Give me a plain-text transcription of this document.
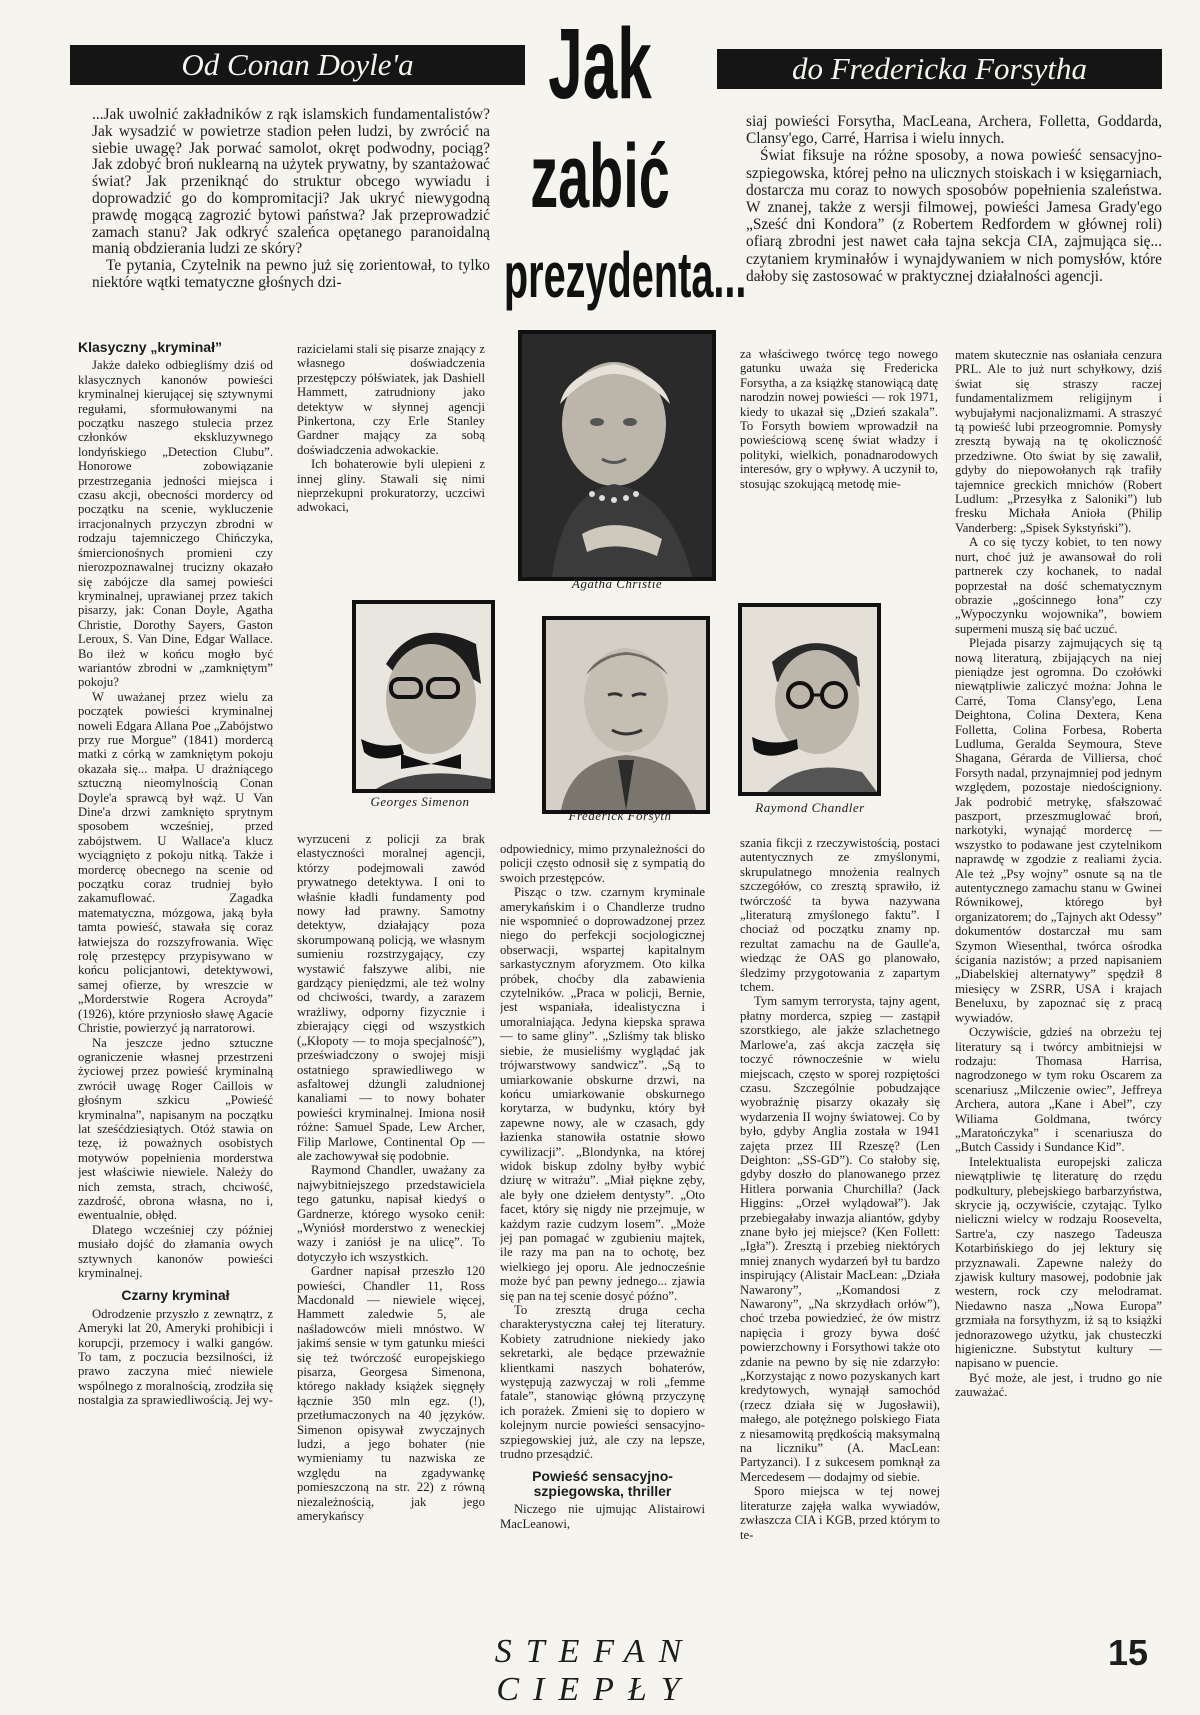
Od Conan Doyle'a	do Fredericka Forsytha
Jak
zabić
prezydenta...

...Jak uwolnić zakładników z rąk islamskich fundamentalistów? Jak wysadzić w powietrze stadion pełen ludzi, by zwrócić na siebie uwagę? Jak porwać samolot, okręt podwodny, pociąg? Jak zdobyć broń nuklearną na użytek prywatny, by szantażować świat? Jak przeniknąć do struktur obcego wywiadu i doprowadzić go do kompromitacji? Jak ukryć niewygodną prawdę mogącą zagrozić bytowi państwa? Jak przeprowadzić zamach stanu? Jak odkryć szaleńca opętanego paranoidalną manią obdzierania ludzi ze skóry?

Te pytania, Czytelnik na pewno już się zorientował, to tylko niektóre wątki tematyczne głośnych dzi-

siaj powieści Forsytha, MacLeana, Archera, Folletta, Goddarda, Clansy'ego, Carré, Harrisa i wielu innych.

Świat fiksuje na różne sposoby, a nowa powieść sensacyjno-szpiegowska, której pełno na ulicznych stoiskach i w księgarniach, dostarcza mu coraz to nowych sposobów popełnienia szaleństwa. W znanej, także z wersji filmowej, powieści Jamesa Grady'ego „Sześć dni Kondora” (z Robertem Redfordem w głównej roli) ofiarą zbrodni jest nawet cała tajna sekcja CIA, zajmująca się... czytaniem kryminałów i wynajdywaniem w nich pomysłów, które dałoby się zastosować w praktycznej działalności agencji.

Klasyczny „kryminał”

Jakże daleko odbiegliśmy dziś od klasycznych kanonów powieści kryminalnej kierującej się sztywnymi regułami, sformułowanymi na początku naszego stulecia przez członków ekskluzywnego londyńskiego „Detection Clubu”. Honorowe zobowiązanie przestrzegania jedności miejsca i czasu akcji, obecności mordercy od początku na scenie, wykluczenie irracjonalnych przyczyn zbrodni w rodzaju tajemniczego Chińczyka, śmiercionośnych promieni czy nierozpoznawalnej trucizny okazało się zabójcze dla samej powieści kryminalnej, uprawianej przez takich pisarzy, jak: Conan Doyle, Agatha Christie, Dorothy Sayers, Gaston Leroux, S. Van Dine, Edgar Wallace. Bo ileż w końcu mogło być wariantów zbrodni w „zamkniętym” pokoju?

W uważanej przez wielu za początek powieści kryminalnej noweli Edgara Allana Poe „Zabójstwo przy rue Morgue” (1841) mordercą matki z córką w zamkniętym pokoju okazała się... małpa. U drażniącego sztuczną nieomylnością Conan Doyle'a sprawcą był wąż. U Van Dine'a drzwi zamknięto sprytnym sposobem wcześniej, przed zabójstwem. U Wallace'a klucz wyciągnięto z pokoju nitką. Także i mordercę obecnego na scenie od początku coraz trudniej było zakamuflować. Zagadka matematyczna, mózgowa, jaką była tamta powieść, stawała się coraz łatwiejsza do rozszyfrowania. Więc rolę przestępcy przypisywano w końcu policjantowi, detektywowi, samej ofierze, by wreszcie w „Morderstwie Rogera Acroyda” (1926), które przyniosło sławę Agacie Christie, powierzyć ją narratorowi.

Na jeszcze jedno sztuczne ograniczenie własnej przestrzeni życiowej przez powieść kryminalną zwrócił uwagę Roger Caillois w głośnym szkicu „Powieść kryminalna”, napisanym na początku lat sześćdziesiątych. Otóż stawia on tezę, iż poważnych osobistych motywów popełnienia morderstwa jest właściwie niewiele. Należy do nich zemsta, strach, chciwość, zazdrość, obrona własna, no i, ewentualnie, obłęd.

Dlatego wcześniej czy później musiało dojść do złamania owych sztywnych kanonów powieści kryminalnej.

Czarny kryminał

Odrodzenie przyszło z zewnątrz, z Ameryki lat 20, Ameryki prohibicji i korupcji, przemocy i walki gangów. To tam, z poczucia bezsilności, iż prawo zaczyna mieć niewiele wspólnego z moralnością, zrodziła się nostalgia za sprawiedliwością. Jej wy-

razicielami stali się pisarze znający z własnego doświadczenia przestępczy półświatek, jak Dashiell Hammett, zatrudniony jako detektyw w słynnej agencji Pinkertona, czy Erle Stanley Gardner mający za sobą doświadczenia adwokackie.

Ich bohaterowie byli ulepieni z innej gliny. Stawali się nimi nieprzekupni prokuratorzy, uczciwi adwokaci,

wyrzuceni z policji za brak elastyczności moralnej agencji, którzy podejmowali zawód prywatnego detektywa. I oni to właśnie kładli fundamenty pod nowy ład prawny. Samotny detektyw, działający poza skorumpowaną policją, we własnym sumieniu rozstrzygający, czy wystawić fałszywe alibi, nie gardzący pieniędzmi, ale też wolny od chciwości, twardy, a zarazem wrażliwy, odporny fizycznie i zbierający cięgi od wszystkich („Kłopoty — to moja specjalność”), przeświadczony o swojej misji ostatniego sprawiedliwego w asfaltowej dżungli zaludnionej kanaliami — to nowy bohater powieści kryminalnej. Imiona nosił różne: Samuel Spade, Lew Archer, Filip Marlowe, Continental Op — ale zachowywał się podobnie.

Raymond Chandler, uważany za najwybitniejszego przedstawiciela tego gatunku, napisał kiedyś o Gardnerze, którego wysoko cenił: „Wyniósł morderstwo z weneckiej wazy i zaniósł je na ulicę”. To dotyczyło ich wszystkich.

Gardner napisał przeszło 120 powieści, Chandler 11, Ross Macdonald — niewiele więcej, Hammett zaledwie 5, ale naśladowców mieli mnóstwo. W jakimś sensie w tym gatunku mieści się też twórczość europejskiego pisarza, Georgesa Simenona, którego nakłady książek sięgnęły łącznie 350 mln egz. (!), przetłumaczonych na 40 języków. Simenon opisywał zwyczajnych ludzi, a jego bohater (nie wymieniamy tu nazwiska ze względu na zgadywankę pomieszczoną na str. 22) z równą niezależnością, jak jego amerykańscy

odpowiednicy, mimo przynależności do policji często odnosił się z sympatią do swoich przestępców.

Pisząc o tzw. czarnym kryminale amerykańskim i o Chandlerze trudno nie wspomnieć o doprowadzonej przez niego do perfekcji socjologicznej obserwacji, wspartej kapitalnym sarkastycznym aforyzmem. Oto kilka próbek, choćby dla zabawienia czytelników. „Praca w policji, Bernie, jest wspaniała, idealistyczna i umoralniająca. Jedyna kiepska sprawa — to same gliny”. „Szliśmy tak blisko siebie, że musieliśmy wyglądać jak trójwarstwowy sandwicz”. „Są to umiarkowanie obskurne drzwi, na końcu umiarkowanie obskurnego korytarza, w budynku, który był zapewne nowy, ale w czasach, gdy łazienka stanowiła ostatnie słowo cywilizacji”. „Blondynka, na której widok biskup zdolny byłby wybić dziurę w witrażu”. „Miał piękne zęby, ale były one dziełem dentysty”. „Oto facet, który się nigdy nie przejmuje, w każdym razie cudzym losem”. „Może jej pan pomagać w zgubieniu majtek, ile razy ma pan na to ochotę, bez wielkiego jej oporu. Ale jednocześnie może być pan pewny jednego... zjawia się pan na tej scenie dosyć późno”.

To zresztą druga cecha charakterystyczna całej tej literatury. Kobiety zatrudnione niekiedy jako sekretarki, ale będące przeważnie klientkami naszych bohaterów, występują zazwyczaj w roli „femme fatale”, stanowiąc główną przyczynę ich porażek. Zmieni się to dopiero w kolejnym nurcie powieści sensacyjno-szpiegowskiej już, ale czy na lepsze, trudno przesądzić.

Powieść sensacyjno-szpiegowska, thriller

Niczego nie ujmując Alistairowi MacLeanowi,

za właściwego twórcę tego nowego gatunku uważa się Fredericka Forsytha, a za książkę stanowiącą datę narodzin nowej powieści — rok 1971, kiedy to ukazał się „Dzień szakala”. To Forsyth bowiem wprowadził na powieściową scenę świat władzy i polityki, wielkich, ponadnarodowych interesów, gry o wpływy. A uczynił to, stosując szokującą metodę mie-

szania fikcji z rzeczywistością, postaci autentycznych ze zmyślonymi, skrupulatnego mnożenia realnych szczegółów, co zresztą sprawiło, iż twórczość ta bywa nazywana „literaturą zmyślonego faktu”. I chociaż od początku znamy np. rezultat zamachu na de Gaulle'a, wiedząc że OAS go planowało, śledzimy przygotowania z zapartym tchem.

Tym samym terrorysta, tajny agent, płatny morderca, szpieg — zastąpił szorstkiego, ale jakże szlachetnego Marlowe'a, zaś akcja zaczęła się toczyć równocześnie w wielu miejscach, często w sporej rozpiętości czasu. Szczególnie pobudzające wyobraźnię pisarzy okazały się wydarzenia II wojny światowej. Co by było, gdyby Anglia została w 1941 zajęta przez III Rzeszę? (Len Deighton: „SS-GD”). Co stałoby się, gdyby doszło do planowanego przez Hitlera porwania Churchilla? (Jack Higgins: „Orzeł wylądował”). Jak przebiegałaby inwazja aliantów, gdyby znane było jej miejsce? (Ken Follett: „Igła”). Zresztą i przebieg niektórych mniej znanych wydarzeń był tu bardzo inspirujący (Alistair MacLean: „Działa Nawarony”, „Komandosi z Nawarony”, „Na skrzydłach orłów”), choć trzeba powiedzieć, że ów mistrz napięcia i grozy bywa dość powierzchowny i Forsythowi także oto zdanie na pewno by się nie zdarzyło: „Korzystając z nowo pozyskanych kart kredytowych, wynajął samochód (rzecz działa się w Jugosławii), małego, ale potężnego polskiego Fiata z niesamowitą prędkością maksymalną na liczniku” (A. MacLean: Partyzanci). I z sukcesem pomknął za Mercedesem — dodajmy od siebie.

Sporo miejsca w tej nowej literaturze zajęła walka wywiadów, zwłaszcza CIA i KGB, przed którym to te-

matem skutecznie nas osłaniała cenzura PRL. Ale to już nurt schyłkowy, dziś świat się straszy raczej fundamentalizmem religijnym i wybujałymi nacjonalizmami. A straszyć tą powieść lubi przeogromnie. Pomysły zresztą bywają na tę okoliczność przedziwne. Oto świat by się zawalił, gdyby do niepowołanych rąk trafiły tajemnice greckich mnichów (Robert Ludlum: „Przesyłka z Saloniki”) lub fresku Michała Anioła (Philip Vanderberg: „Spisek Sykstyński”).

A co się tyczy kobiet, to ten nowy nurt, choć już je awansował do roli partnerek czy kochanek, to nadal poprzestał na dość schematycznym obrazie „gościnnego łona” czy „Wypoczynku wojownika”, bowiem supermeni muszą się bać uczuć.

Plejada pisarzy zajmujących się tą nową literaturą, zbijających na niej pieniądze jest ogromna. Do czołówki niewątpliwie zaliczyć można: Johna le Carré, Toma Clansy'ego, Lena Deightona, Colina Dextera, Kena Folletta, Colina Forbesa, Roberta Ludluma, Geralda Seymoura, Steve Shagana, Gérarda de Villiersa, choć Forsyth nadal, przynajmniej pod jednym względem, pozostaje niedościgniony. Jak podrobić metrykę, sfałszować paszport, przeszmuglować broń, narkotyki, wynająć mordercę — wszystko to podawane jest czytelnikom naprawdę w zgodzie z realiami życia. Ale też „Psy wojny” osnute są na tle autentycznego zamachu stanu w Gwinei Równikowej, którego był organizatorem; do „Tajnych akt Odessy” dokumentów dostarczał mu sam Szymon Wiesenthal, twórca ośrodka ścigania nazistów; a przed napisaniem „Diabelskiej alternatywy” spędził 8 miesięcy w ZSRR, USA i krajach Beneluxu, by zapoznać się z pracą wywiadów.

Oczywiście, gdzieś na obrzeżu tej literatury są i twórcy ambitniejsi w rodzaju: Thomasa Harrisa, nagrodzonego w tym roku Oscarem za scenariusz „Milczenie owiec”, Jeffreya Archera, autora „Kane i Abel”, czy Wiliama Goldmana, twórcy „Maratończyka” i scenariusza do „Butch Cassidy i Sundance Kid”.

Intelektualista europejski zalicza niewątpliwie tę literaturę do rzędu podkultury, plebejskiego barbarzyństwa, skrycie ją, oczywiście, czytając. Tylko nieliczni wielcy w rodzaju Roosevelta, Sartre'a, czy naszego Tadeusza Kotarbińskiego do jej lektury się przyznawali. Zapewne należy do zjawisk kultury masowej, podobnie jak western, rock czy melodramat. Niedawno nasza „Nowa Europa” grzmiała na forsythyzm, iż są to książki jednorazowego użytku, jak chusteczki higieniczne. Substytut kultury — napisano w puencie.

Być może, ale jest, i trudno go nie zauważać.

Agatha Christie
Georges Simenon
Frederick Forsyth
Raymond Chandler
STEFAN CIEPŁY
15
